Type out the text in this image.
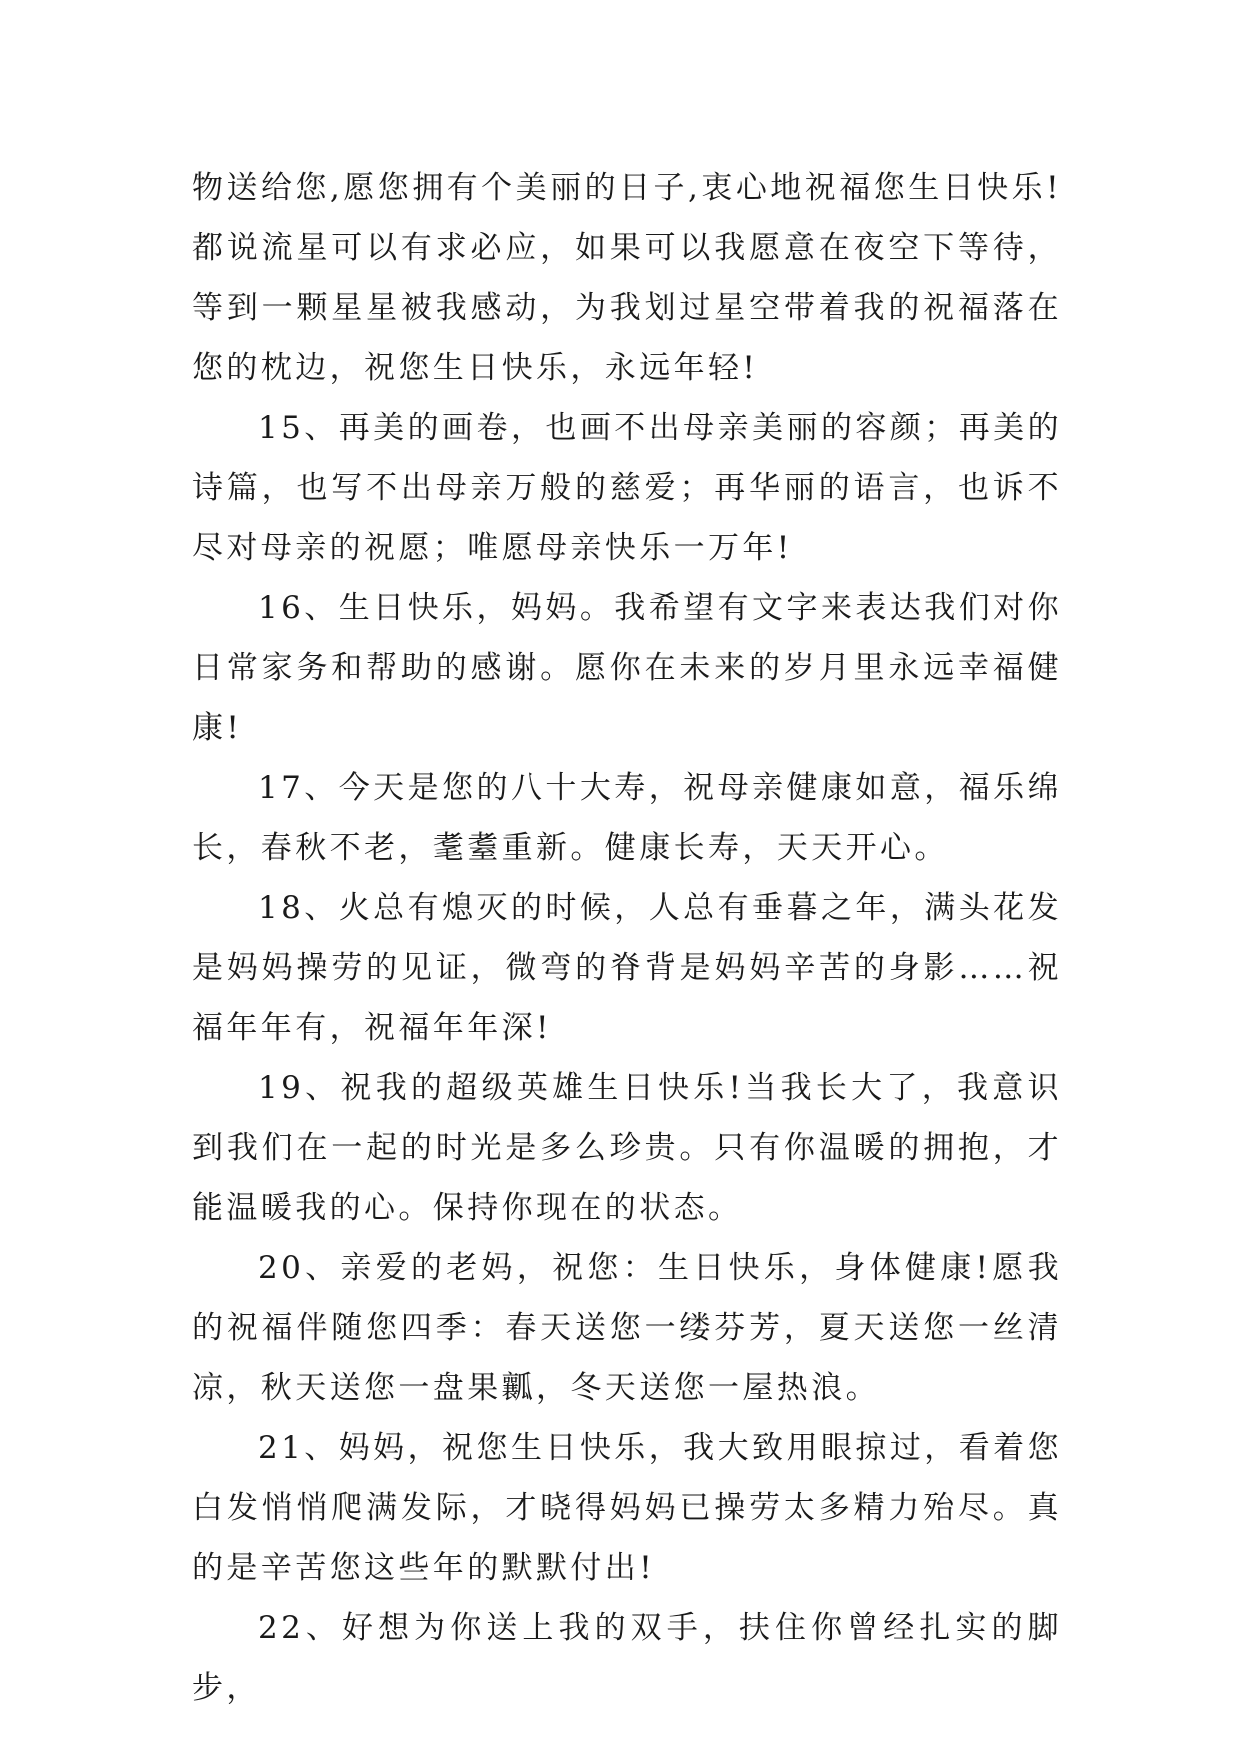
物送给您,愿您拥有个美丽的日子,衷心地祝福您生日快乐!都说流星可以有求必应，如果可以我愿意在夜空下等待，等到一颗星星被我感动，为我划过星空带着我的祝福落在您的枕边，祝您生日快乐，永远年轻!

15、再美的画卷，也画不出母亲美丽的容颜；再美的诗篇，也写不出母亲万般的慈爱；再华丽的语言，也诉不尽对母亲的祝愿；唯愿母亲快乐一万年!

16、生日快乐，妈妈。我希望有文字来表达我们对你日常家务和帮助的感谢。愿你在未来的岁月里永远幸福健康!

17、今天是您的八十大寿，祝母亲健康如意，福乐绵长，春秋不老，耄耋重新。健康长寿，天天开心。

18、火总有熄灭的时候，人总有垂暮之年，满头花发是妈妈操劳的见证，微弯的脊背是妈妈辛苦的身影……祝福年年有，祝福年年深!

19、祝我的超级英雄生日快乐!当我长大了，我意识到我们在一起的时光是多么珍贵。只有你温暖的拥抱，才能温暖我的心。保持你现在的状态。

20、亲爱的老妈，祝您：生日快乐，身体健康!愿我的祝福伴随您四季：春天送您一缕芬芳，夏天送您一丝清凉，秋天送您一盘果瓤，冬天送您一屋热浪。

21、妈妈，祝您生日快乐，我大致用眼掠过，看着您白发悄悄爬满发际，才晓得妈妈已操劳太多精力殆尽。真的是辛苦您这些年的默默付出!

22、好想为你送上我的双手，扶住你曾经扎实的脚步，
